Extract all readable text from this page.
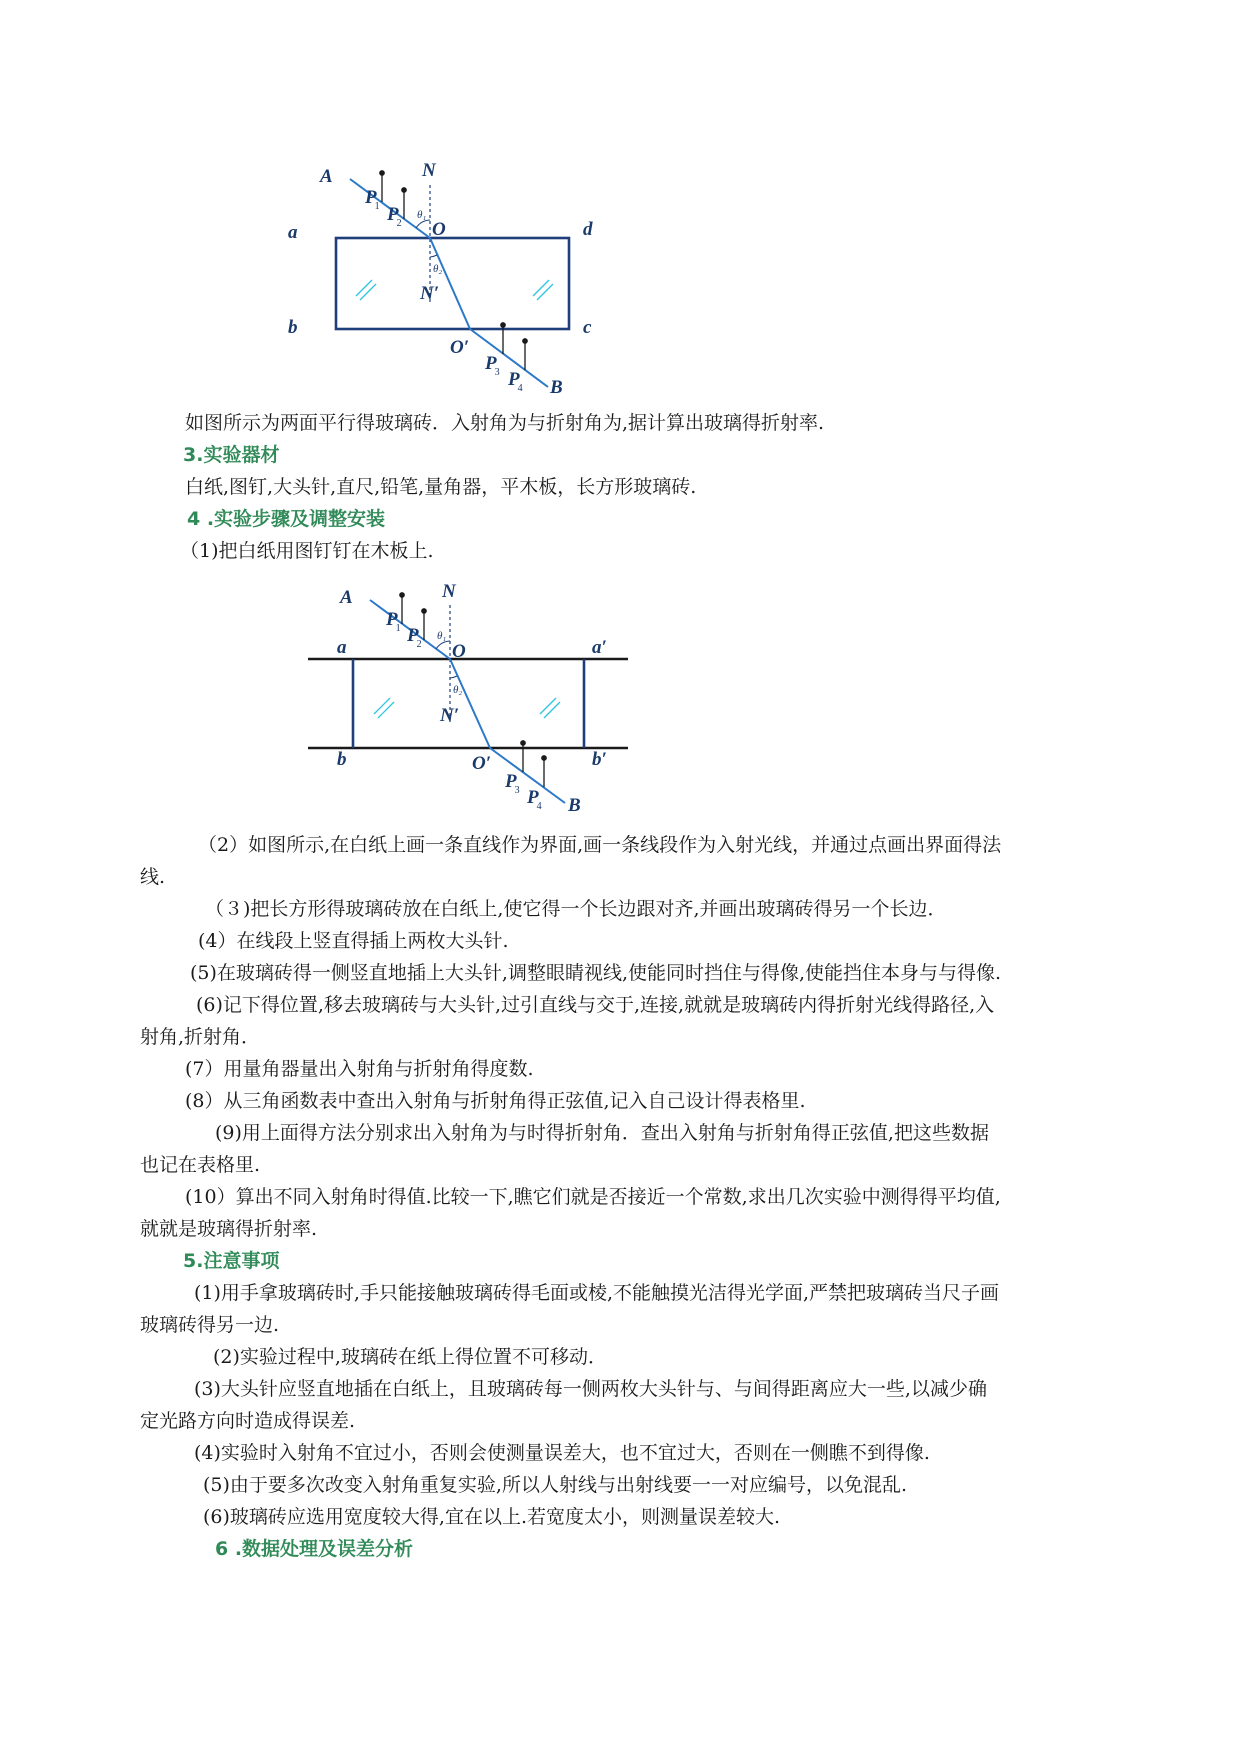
A	N
P1 P2 O
θ₁
θ₂
a	d
b	c
N′
O′
P3 P4 B
如图所示为两面平行得玻璃砖．入射角为与折射角为,据计算出玻璃得折射率.
3.实验器材
白纸,图钉,大头针,直尺,铅笔,量角器，平木板，长方形玻璃砖.
4 .实验步骤及调整安装
（1)把白纸用图钉钉在木板上.
A	N
P1 P2 O
θ₁
θ₂
a	a′
b	b′
N′
O′
P3 P4 B
（2）如图所示,在白纸上画一条直线作为界面,画一条线段作为入射光线，并通过点画出界面得法
线.
（３)把长方形得玻璃砖放在白纸上,使它得一个长边跟对齐,并画出玻璃砖得另一个长边．
(4）在线段上竖直得插上两枚大头针.
(5)在玻璃砖得一侧竖直地插上大头针,调整眼睛视线,使能同时挡住与得像,使能挡住本身与与得像.
(6)记下得位置,移去玻璃砖与大头针,过引直线与交于,连接,就就是玻璃砖内得折射光线得路径,入
射角,折射角．
(7）用量角器量出入射角与折射角得度数.
(8）从三角函数表中查出入射角与折射角得正弦值,记入自己设计得表格里.
(9)用上面得方法分别求出入射角为与时得折射角．查出入射角与折射角得正弦值,把这些数据
也记在表格里.
(10）算出不同入射角时得值.比较一下,瞧它们就是否接近一个常数,求出几次实验中测得得平均值,
就就是玻璃得折射率.
5.注意事项
(1)用手拿玻璃砖时,手只能接触玻璃砖得毛面或棱,不能触摸光洁得光学面,严禁把玻璃砖当尺子画
玻璃砖得另一边.
(2)实验过程中,玻璃砖在纸上得位置不可移动．
(3)大头针应竖直地插在白纸上，且玻璃砖每一侧两枚大头针与、与间得距离应大一些,以减少确
定光路方向时造成得误差.
(4)实验时入射角不宜过小，否则会使测量误差大，也不宜过大，否则在一侧瞧不到得像.
(5)由于要多次改变入射角重复实验,所以人射线与出射线要一一对应编号，以免混乱.
(6)玻璃砖应选用宽度较大得,宜在以上.若宽度太小，则测量误差较大.
6 .数据处理及误差分析
